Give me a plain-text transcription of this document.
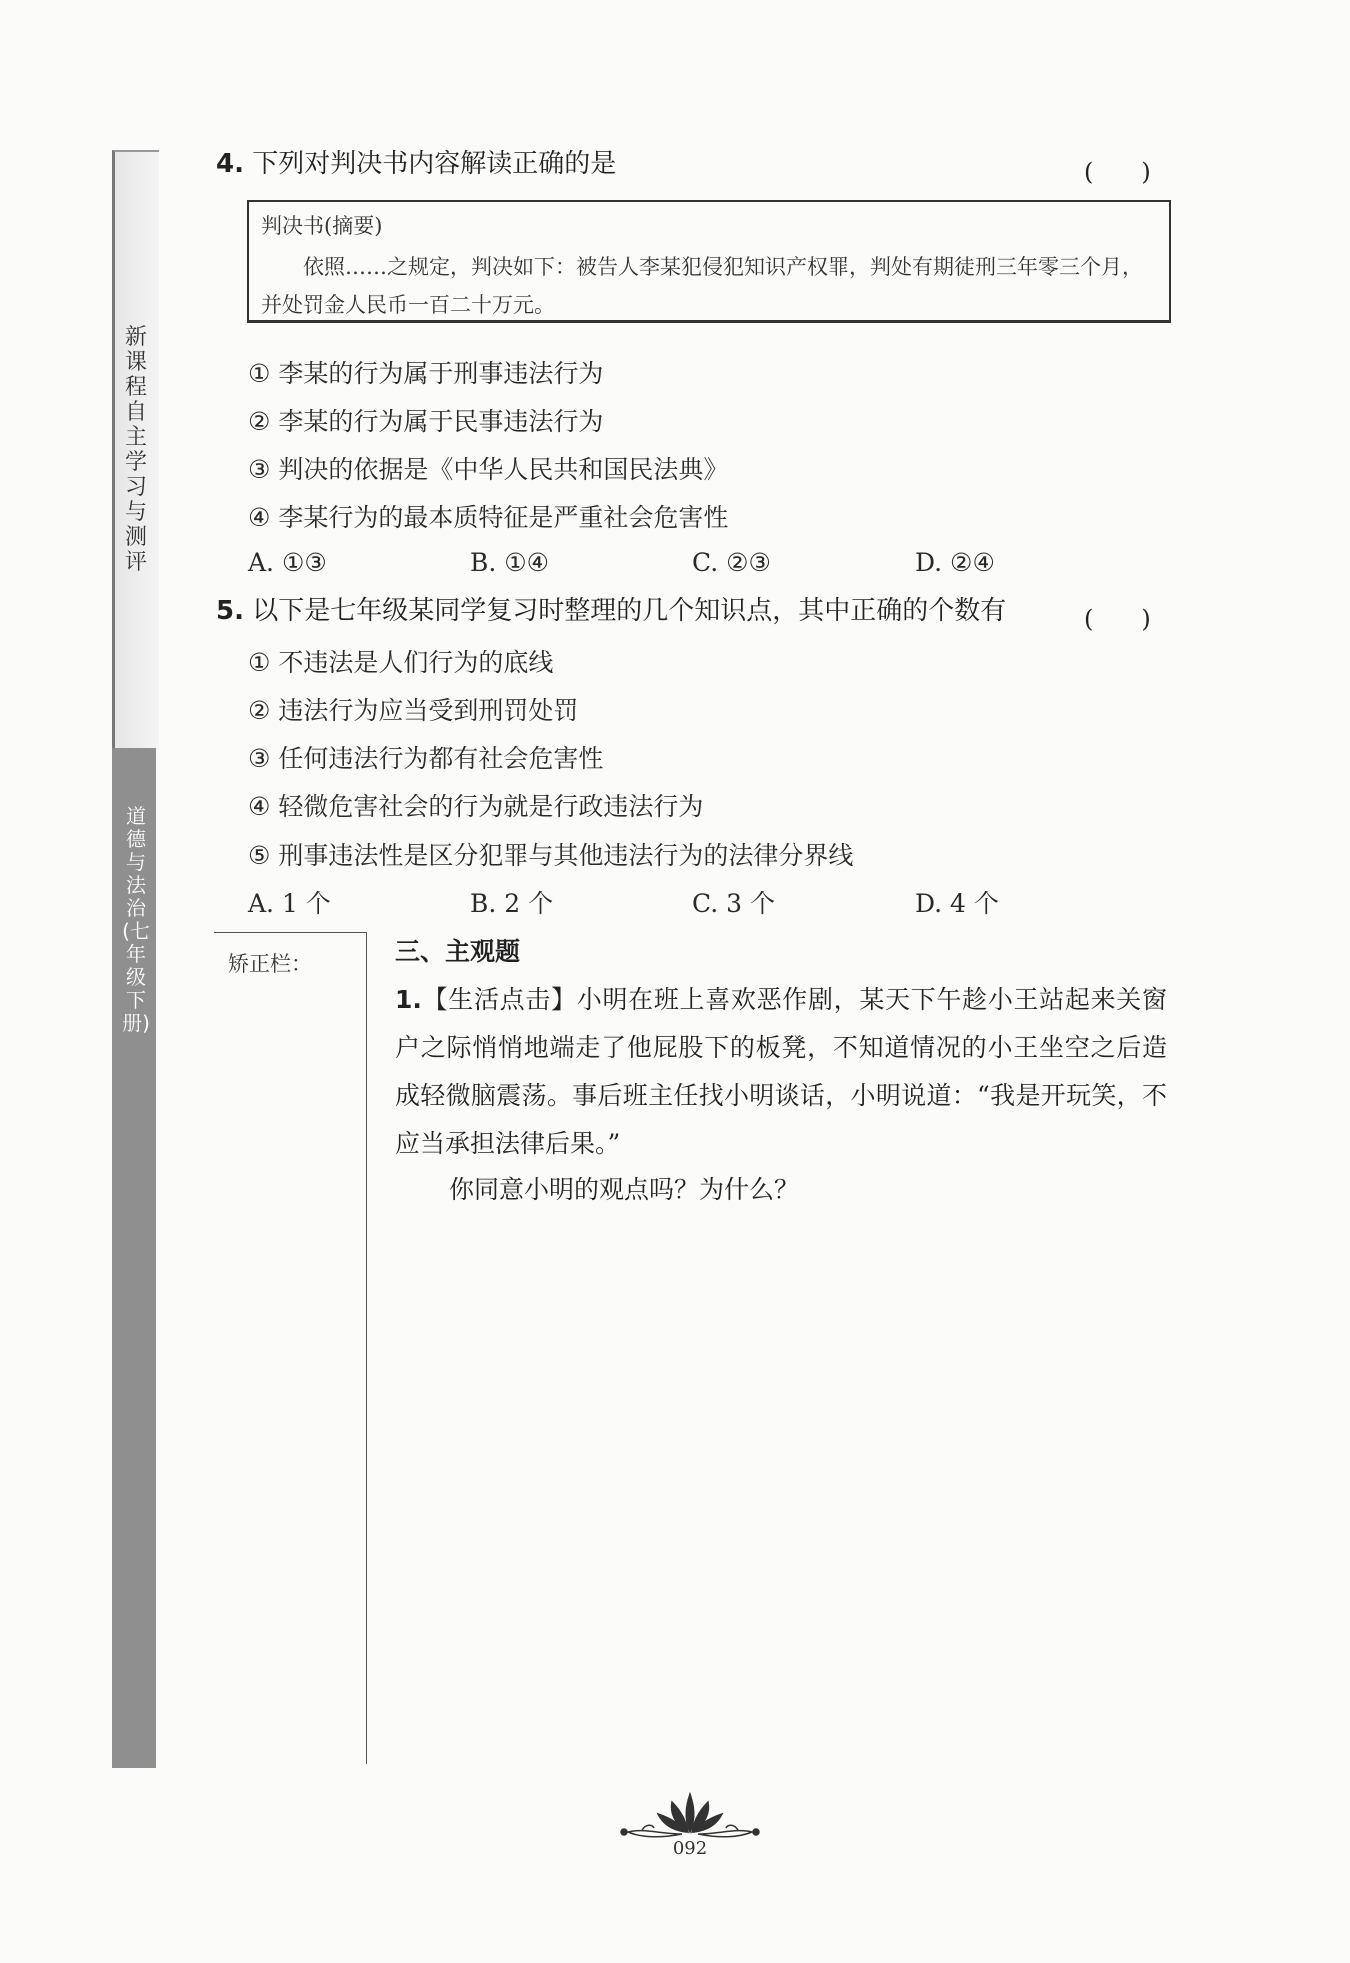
新课程自主学习与测评
道德与法治(七年级下册)
4. 下列对判决书内容解读正确的是	(　　)
判决书(摘要)
依照……之规定，判决如下：被告人李某犯侵犯知识产权罪，判处有期徒刑三年零三个月，并处罚金人民币一百二十万元。
① 李某的行为属于刑事违法行为
② 李某的行为属于民事违法行为
③ 判决的依据是《中华人民共和国民法典》
④ 李某行为的最本质特征是严重社会危害性
A. ①③	B. ①④	C. ②③	D. ②④
5. 以下是七年级某同学复习时整理的几个知识点，其中正确的个数有	(　　)
① 不违法是人们行为的底线
② 违法行为应当受到刑罚处罚
③ 任何违法行为都有社会危害性
④ 轻微危害社会的行为就是行政违法行为
⑤ 刑事违法性是区分犯罪与其他违法行为的法律分界线
A. 1 个	B. 2 个	C. 3 个	D. 4 个
矫正栏：	三、主观题
1.【生活点击】小明在班上喜欢恶作剧，某天下午趁小王站起来关窗户之际悄悄地端走了他屁股下的板凳，不知道情况的小王坐空之后造成轻微脑震荡。事后班主任找小明谈话，小明说道：“我是开玩笑，不应当承担法律后果。”
你同意小明的观点吗？为什么？
092
